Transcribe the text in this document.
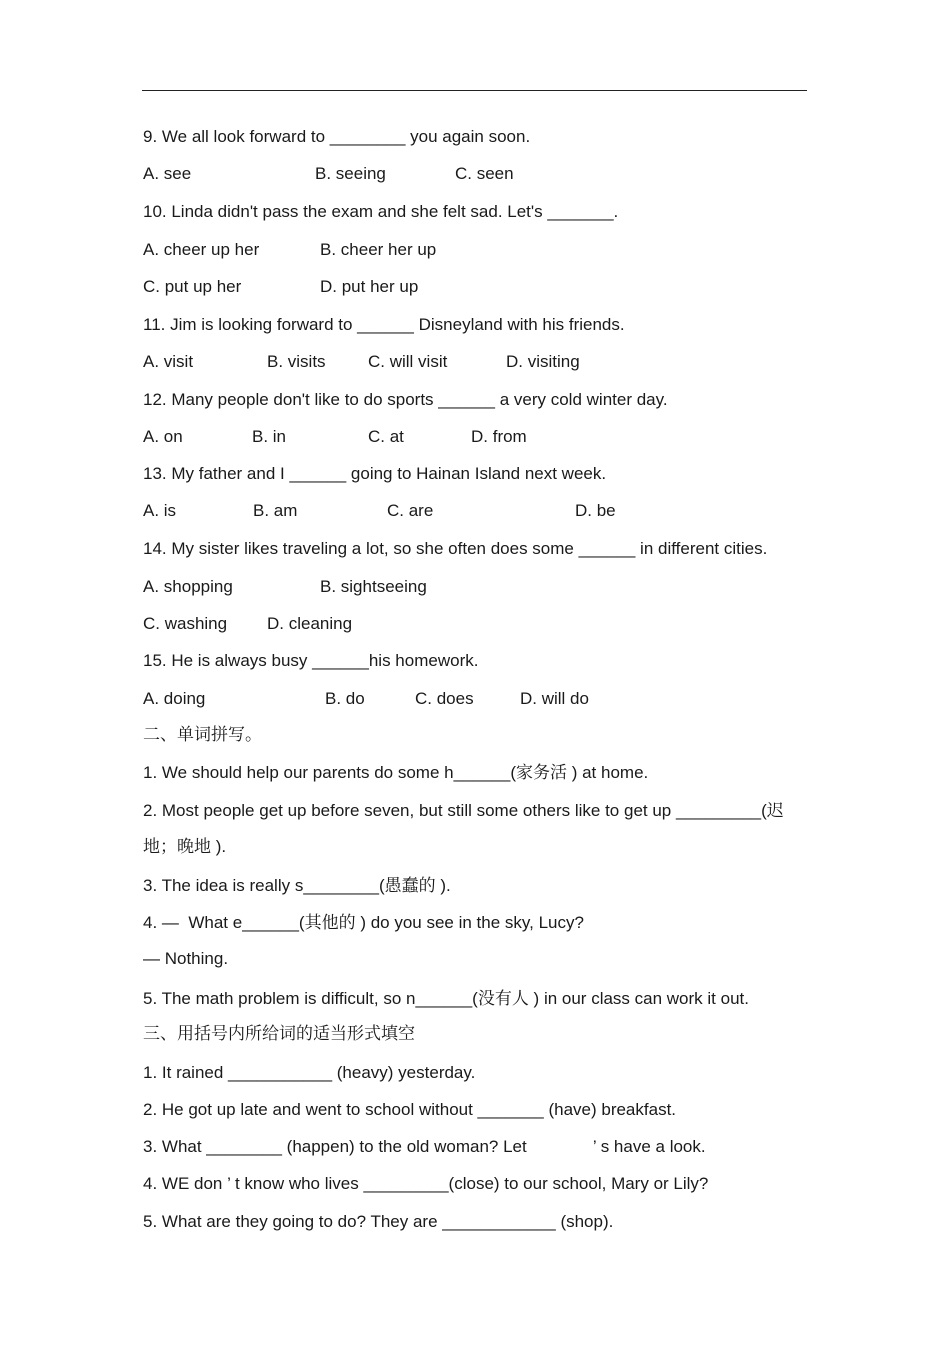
9. We all look forward to ________ you again soon.
A. see	B. seeing	C. seen
10. Linda didn't pass the exam and she felt sad. Let's _______.
A. cheer up her	B. cheer her up
C. put up her	D. put her up
11. Jim is looking forward to ______ Disneyland with his friends.
A. visit	B. visits C. will visit	D. visiting
12. Many people don't like to do sports ______ a very cold winter day.
A. on	B. in	C. at	D. from
13. My father and I ______ going to Hainan Island next week.
A. is	B. am	C. are	D. be
14. My sister likes traveling a lot, so she often does some ______ in different cities.
A. shopping	B. sightseeing
C. washing D. cleaning
15. He is always busy ______his homework.
A. doing	B. do	C. does	D. will do
二、单词拼写。
1. We should help our parents do some h______(家务活 ) at home.
2. Most people get up before seven, but still some others like to get up _________(迟
地；晚地 ).
3. The idea is really s________(愚蠢的 ).
4. —  What e______(其他的 ) do you see in the sky, Lucy?
— Nothing.
5. The math problem is difficult, so n______(没有人 ) in our class can work it out.
三、用括号内所给词的适当形式填空
1. It rained ___________ (heavy) yesterday.
2. He got up late and went to school without _______ (have) breakfast.
3. What ________ (happen) to the old woman? Let              ’ s have a look.
4. WE don ’ t know who lives _________(close) to our school, Mary or Lily?
5. What are they going to do? They are ____________ (shop).
